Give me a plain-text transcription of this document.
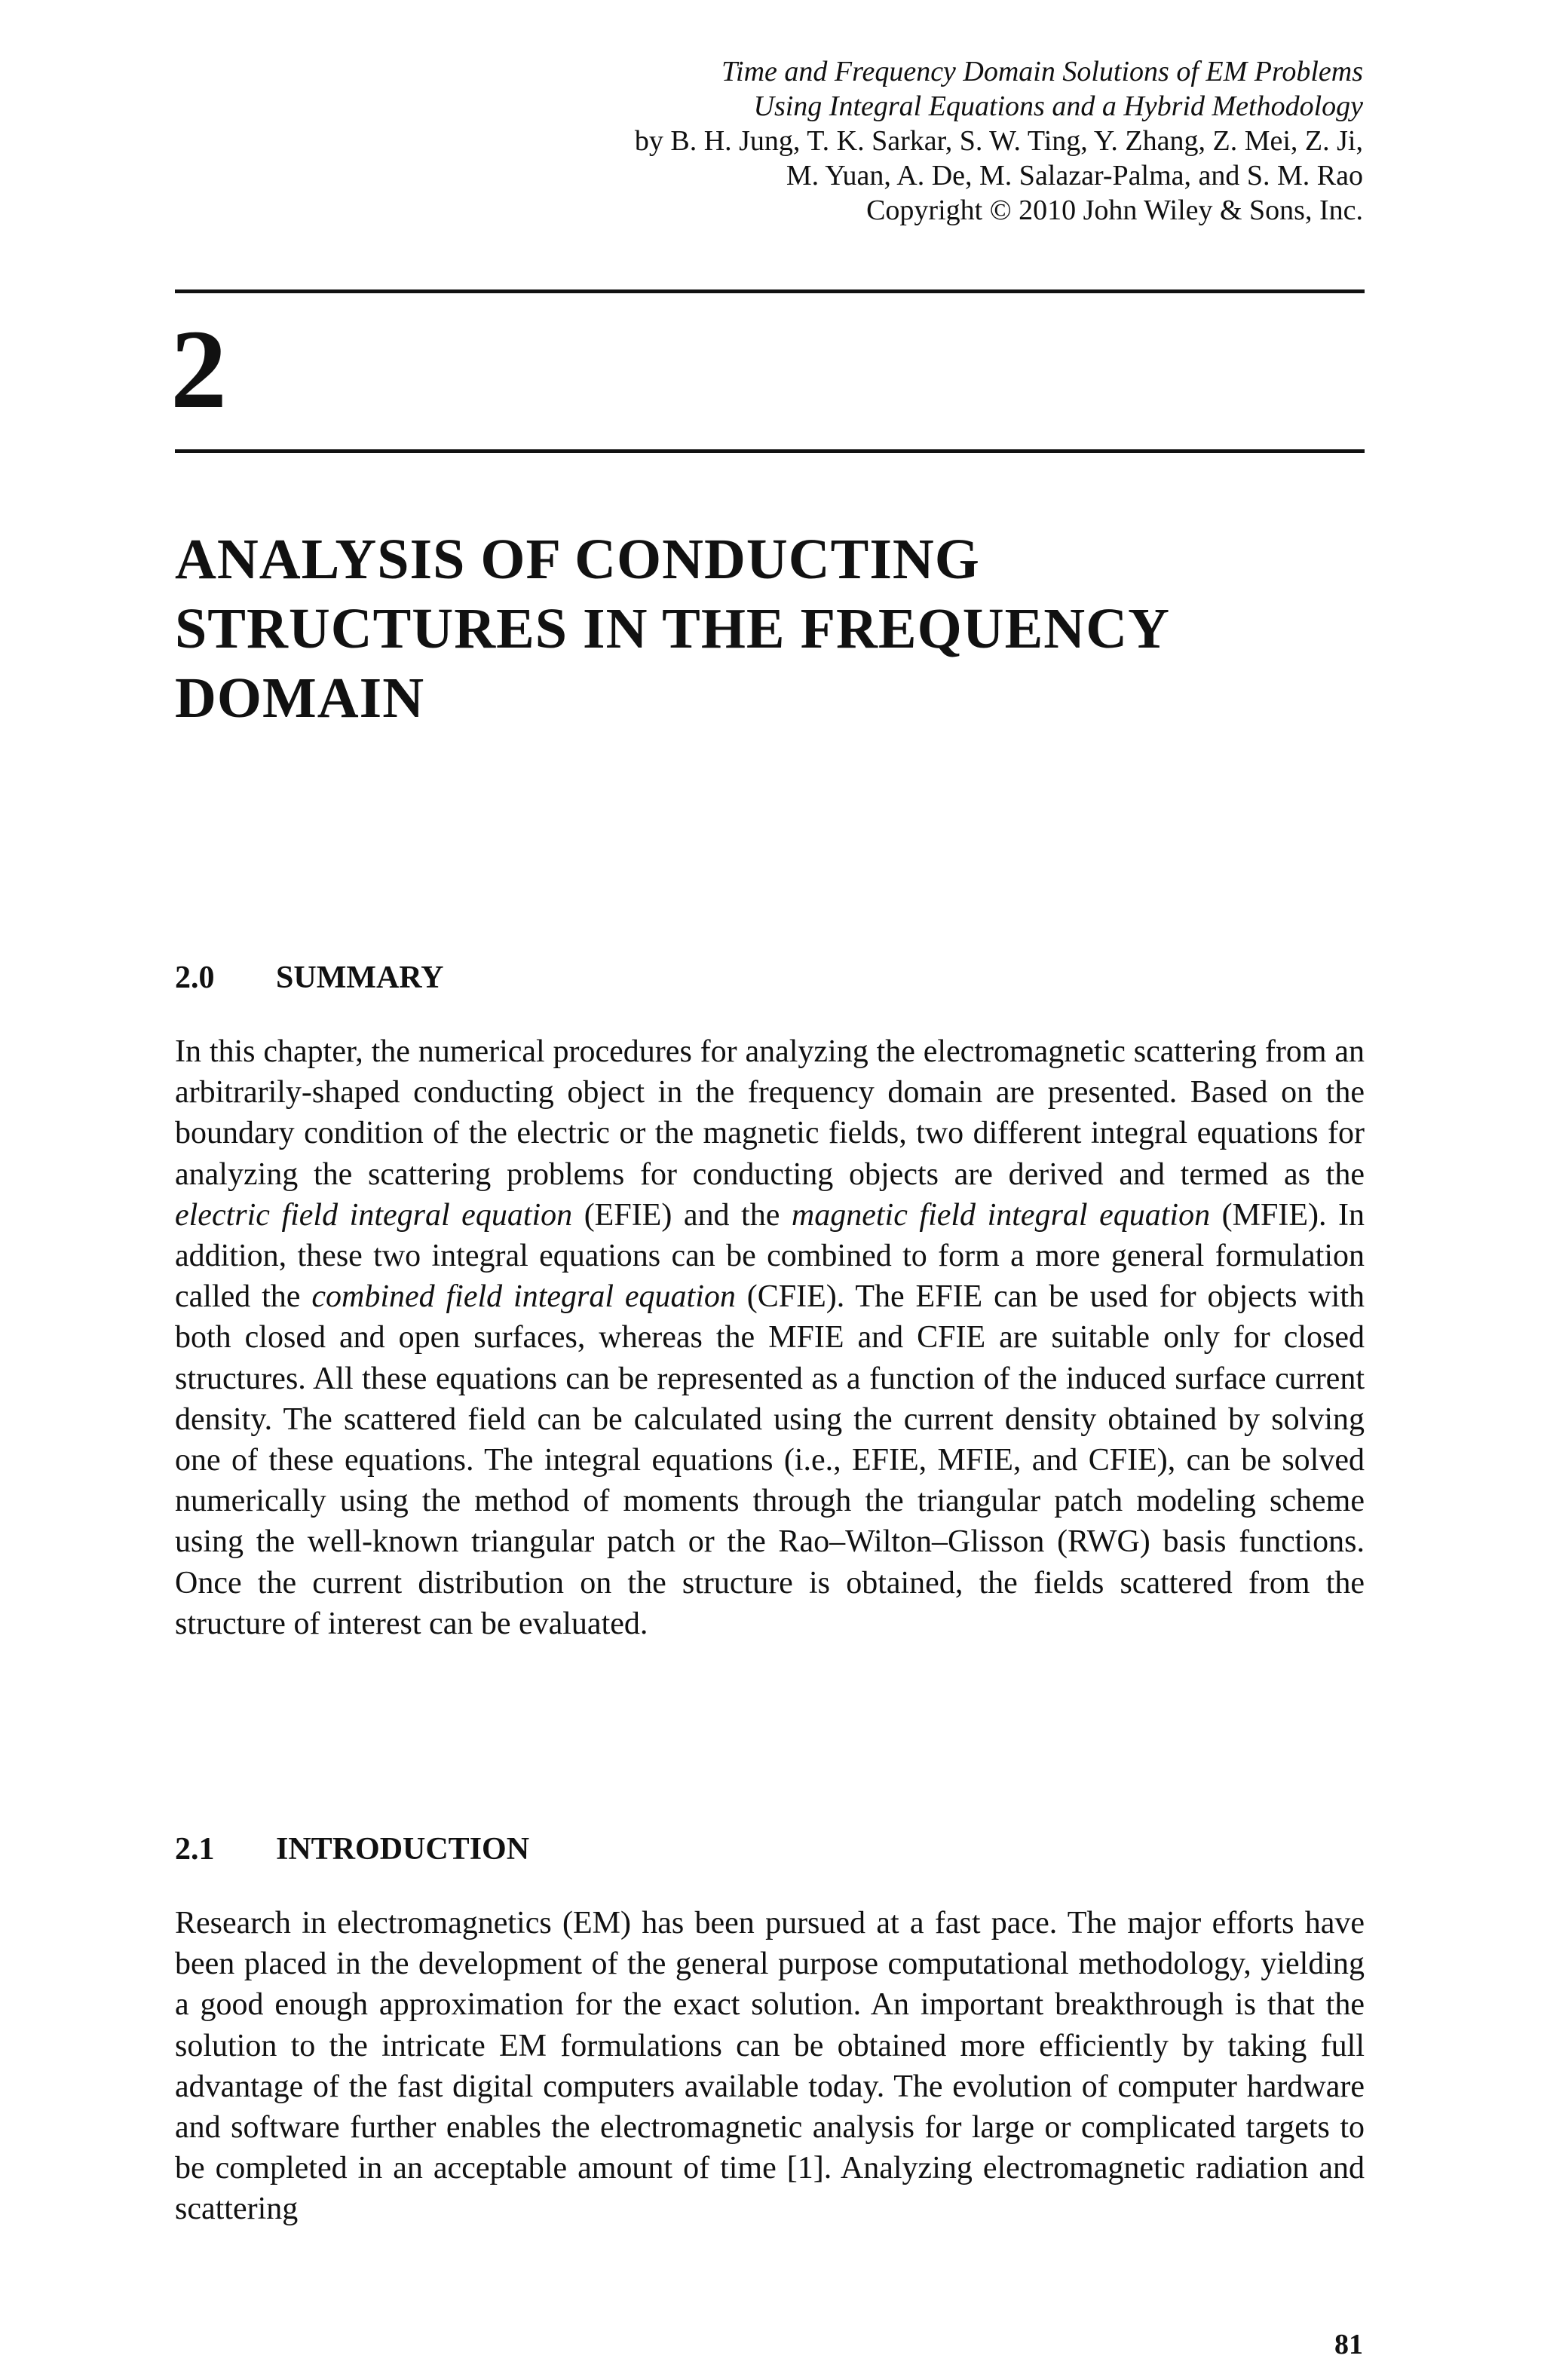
Time and Frequency Domain Solutions of EM Problems
Using Integral Equations and a Hybrid Methodology
by B. H. Jung, T. K. Sarkar, S. W. Ting, Y. Zhang, Z. Mei, Z. Ji,
M. Yuan, A. De, M. Salazar-Palma, and S. M. Rao
Copyright © 2010 John Wiley & Sons, Inc.
2
ANALYSIS OF CONDUCTING STRUCTURES IN THE FREQUENCY DOMAIN
2.0 SUMMARY
In this chapter, the numerical procedures for analyzing the electromagnetic scattering from an arbitrarily-shaped conducting object in the frequency domain are presented. Based on the boundary condition of the electric or the magnetic fields, two different integral equations for analyzing the scattering problems for conducting objects are derived and termed as the electric field integral equation (EFIE) and the magnetic field integral equation (MFIE). In addition, these two integral equations can be combined to form a more general formulation called the combined field integral equation (CFIE). The EFIE can be used for objects with both closed and open surfaces, whereas the MFIE and CFIE are suitable only for closed structures. All these equations can be represented as a function of the induced surface current density. The scattered field can be calculated using the current density obtained by solving one of these equations. The integral equations (i.e., EFIE, MFIE, and CFIE), can be solved numerically using the method of moments through the triangular patch modeling scheme using the well-known triangular patch or the Rao–Wilton–Glisson (RWG) basis functions. Once the current distribution on the structure is obtained, the fields scattered from the structure of interest can be evaluated.
2.1 INTRODUCTION
Research in electromagnetics (EM) has been pursued at a fast pace. The major efforts have been placed in the development of the general purpose computational methodology, yielding a good enough approximation for the exact solution. An important breakthrough is that the solution to the intricate EM formulations can be obtained more efficiently by taking full advantage of the fast digital computers available today. The evolution of computer hardware and software further enables the electromagnetic analysis for large or complicated targets to be completed in an acceptable amount of time [1]. Analyzing electromagnetic radiation and scattering
81
